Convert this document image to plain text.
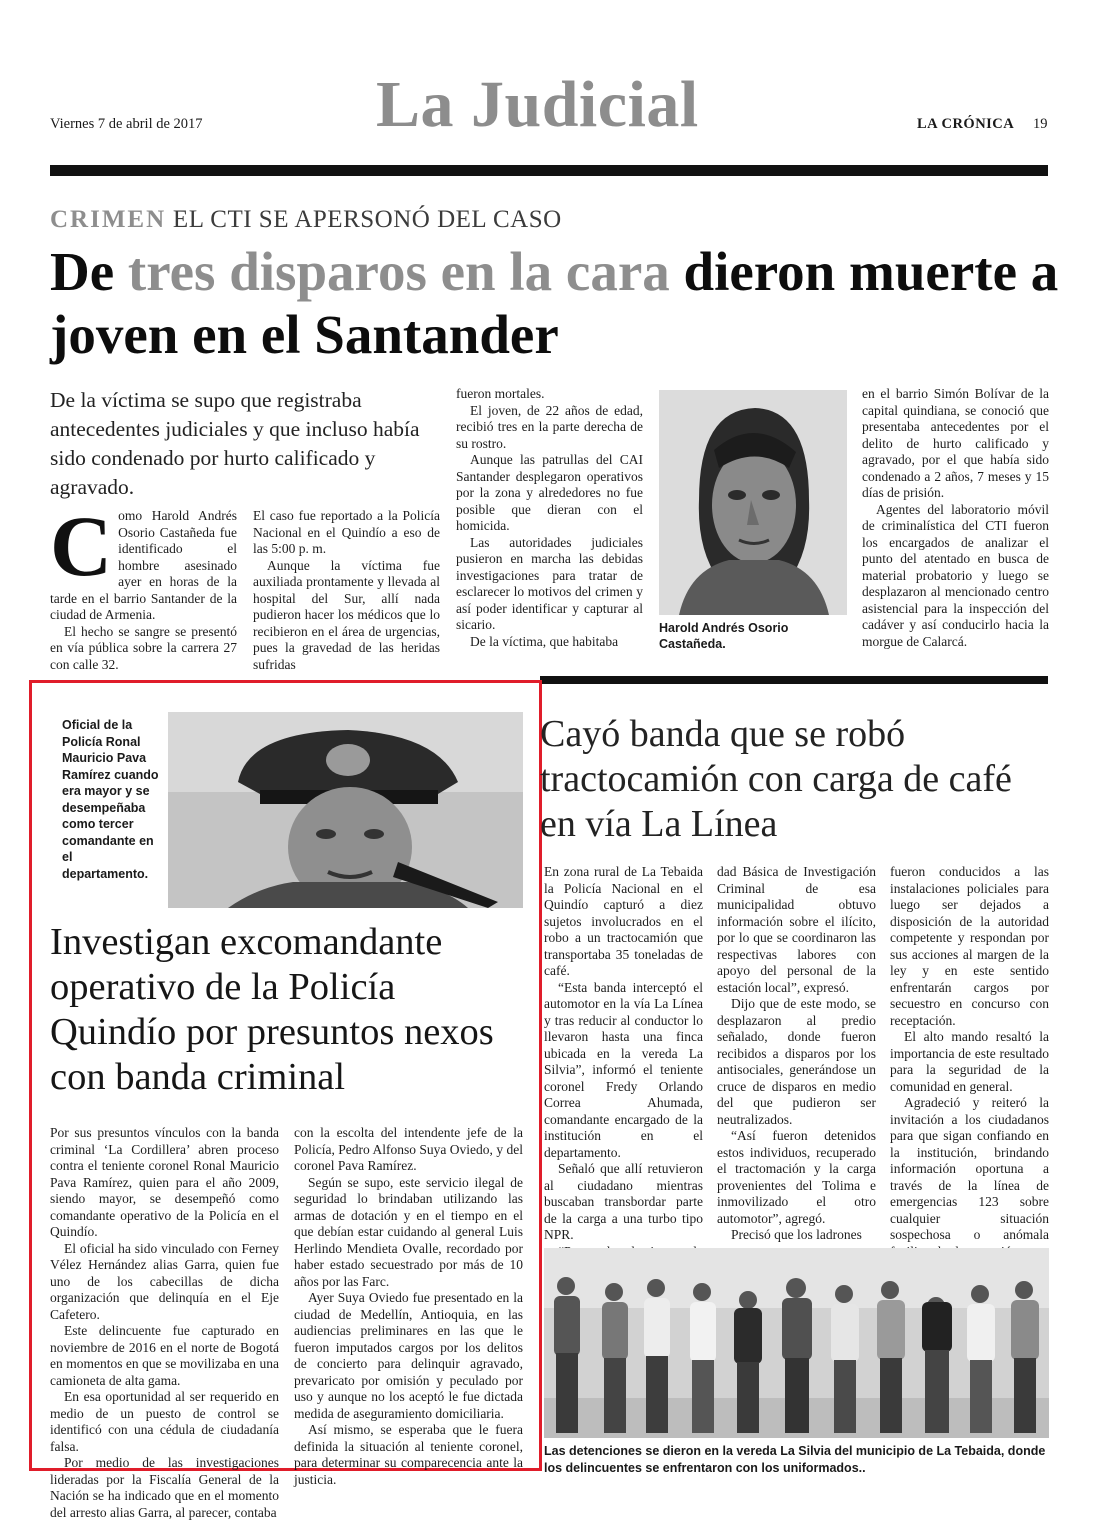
Viernes 7 de abril de 2017	La Judicial	LA CRÓNICA 19
CRIMEN EL CTI SE APERSONÓ DEL CASO
De tres disparos en la cara dieron muerte a joven en el Santander
De la víctima se supo que registraba antecedentes judiciales y que incluso había sido condenado por hurto calificado y agravado.
C omo Harold Andrés Osorio Castañeda fue identificado el hombre asesinado ayer en horas de la tarde en el barrio Santander de la ciudad de Armenia.

El hecho se sangre se presentó en vía pública sobre la carrera 27 con calle 32.

El caso fue reportado a la Policía Nacional en el Quindío a eso de las 5:00 p. m.

Aunque la víctima fue auxiliada prontamente y llevada al hospital del Sur, allí nada pudieron hacer los médicos que lo recibieron en el área de urgencias, pues la gravedad de las heridas sufridas

fueron mortales.

El joven, de 22 años de edad, recibió tres en la parte derecha de su rostro.

Aunque las patrullas del CAI Santander desplegaron operativos por la zona y alrededores no fue posible que dieran con el homicida.

Las autoridades judiciales pusieron en marcha las debidas investigaciones para tratar de esclarecer lo motivos del crimen y así poder identificar y capturar al sicario.

De la víctima, que habitaba

Harold Andrés Osorio Castañeda.

en el barrio Simón Bolívar de la capital quindiana, se conoció que presentaba antecedentes por el delito de hurto calificado y agravado, por el que había sido condenado a 2 años, 7 meses y 15 días de prisión.

Agentes del laboratorio móvil de criminalística del CTI fueron los encargados de analizar el punto del atentado en busca de material probatorio y luego se desplazaron al mencionado centro asistencial para la inspección del cadáver y así conducirlo hacia la morgue de Calarcá.

Oficial de la Policía Ronal Mauricio Pava Ramírez cuando era mayor y se desempeñaba como tercer comandante en el departamento.
Investigan excomandante operativo de la Policía Quindío por presuntos nexos con banda criminal

Por sus presuntos vínculos con la banda criminal ‘La Cordillera’ abren proceso contra el teniente coronel Ronal Mauricio Pava Ramírez, quien para el año 2009, siendo mayor, se desempeñó como comandante operativo de la Policía en el Quindío.

El oficial ha sido vinculado con Ferney Vélez Hernández alias Garra, quien fue uno de los cabecillas de dicha organización que delinquía en el Eje Cafetero.

Este delincuente fue capturado en noviembre de 2016 en el norte de Bogotá en momentos en que se movilizaba en una camioneta de alta gama.

En esa oportunidad al ser requerido en medio de un puesto de control se identificó con una cédula de ciudadanía falsa.

Por medio de las investigaciones lideradas por la Fiscalía General de la Nación se ha indicado que en el momento del arresto alias Garra, al parecer, contaba

con la escolta del intendente jefe de la Policía, Pedro Alfonso Suya Oviedo, y del coronel Pava Ramírez.

Según se supo, este servicio ilegal de seguridad lo brindaban utilizando las armas de dotación y en el tiempo en el que debían estar cuidando al general Luis Herlindo Mendieta Ovalle, recordado por haber estado secuestrado por más de 10 años por las Farc.

Ayer Suya Oviedo fue presentado en la ciudad de Medellín, Antioquia, en las audiencias preliminares en las que le fueron imputados cargos por los delitos de concierto para delinquir agravado, prevaricato por omisión y peculado por uso y aunque no los aceptó le fue dictada medida de aseguramiento domiciliaria.

Así mismo, se esperaba que le fuera definida la situación al teniente coronel, para determinar su comparecencia ante la justicia.

Cayó banda que se robó tractocamión con carga de café en vía La Línea

En zona rural de La Tebaida la Policía Nacional en el Quindío capturó a diez sujetos involucrados en el robo a un tractocamión que transportaba 35 toneladas de café.

“Esta banda interceptó el automotor en la vía La Línea y tras reducir al conductor lo llevaron hasta una finca ubicada en la vereda La Silvia”, informó el teniente coronel Fredy Orlando Correa Ahumada, comandante encargado de la institución en el departamento.

Señaló que allí retuvieron al ciudadano mientras buscaban transbordar parte de la carga a una turbo tipo NPR.

dad Básica de Investigación Criminal de esa municipalidad obtuvo información sobre el ilícito, por lo que se coordinaron las respectivas labores con apoyo del personal de la estación local”, expresó.

Dijo que de este modo, se desplazaron al predio señalado, donde fueron recibidos a disparos por los antisociales, generándose un cruce de disparos en medio del que pudieron ser neutralizados.

“Así fueron detenidos estos individuos, recuperado el tractomación y la carga provenientes del Tolima e inmovilizado el otro automotor”, agregó.

Precisó que los ladrones

fueron conducidos a las instalaciones policiales para luego ser dejados a disposición de la autoridad competente y respondan por sus acciones al margen de la ley y en este sentido enfrentarán cargos por secuestro en concurso con receptación.

El alto mando resaltó la importancia de este resultado para la seguridad de la comunidad en general.

Agradeció y reiteró la invitación a los ciudadanos para que sigan confiando en la institución, brindando información oportuna a través de la línea de emergencias 123 sobre cualquier situación sospechosa o anómala

Las detenciones se dieron en la vereda La Silvia del municipio de La Tebaida, donde los delincuentes se enfrentaron con los uniformados..
